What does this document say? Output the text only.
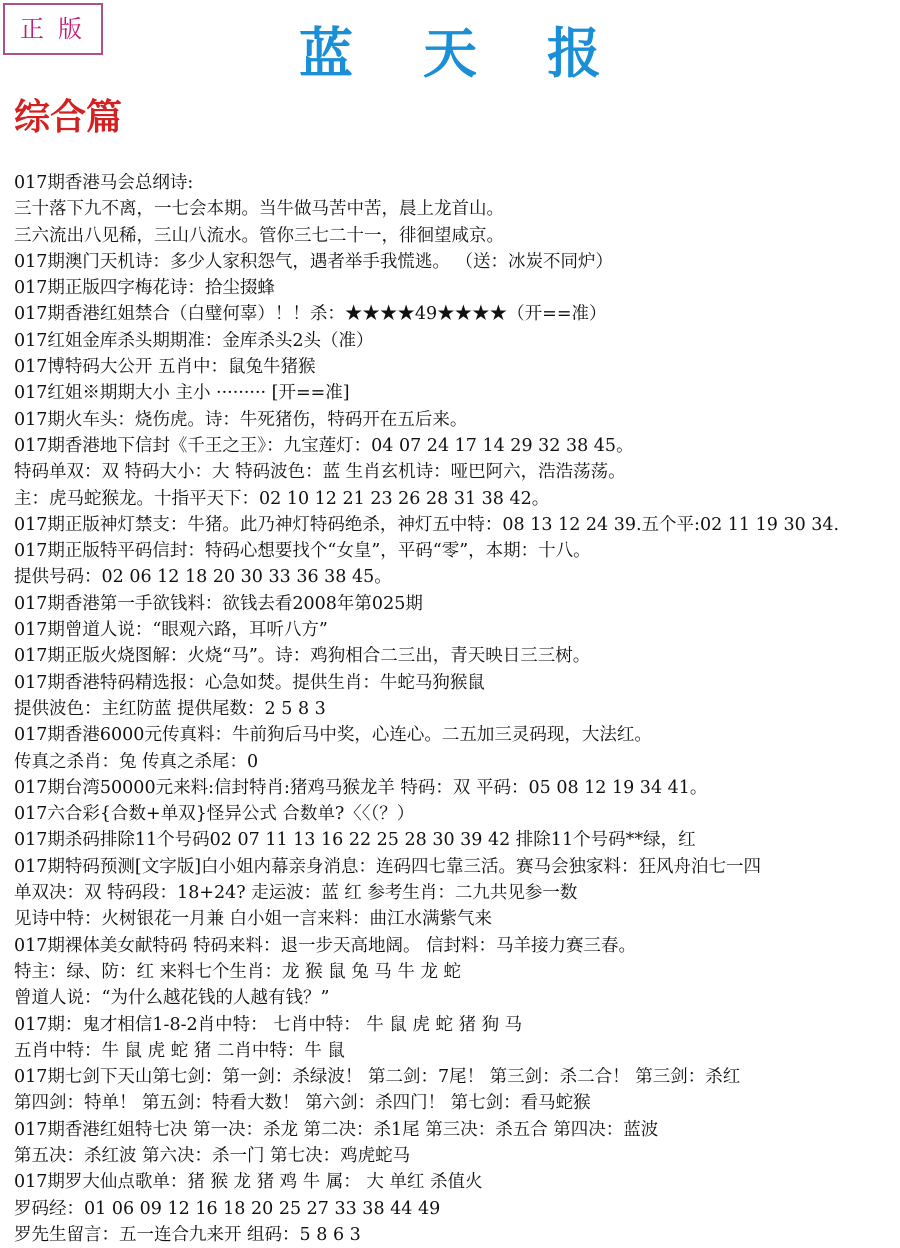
正版	蓝天报
综合篇
017期香港马会总纲诗:
三十落下九不离，一七会本期。当牛做马苦中苦，晨上龙首山。
三六流出八见稀，三山八流水。管你三七二十一，徘徊望咸京。
017期澳门天机诗：多少人家积怨气，遇者举手我慌逃。 （送：冰炭不同炉）
017期正版四字梅花诗：拾尘掇蜂
017期香港红姐禁合（白璧何辜）！！杀：★★★★49★★★★（开==准）
017红姐金库杀头期期准：金库杀头2头（准）
017博特码大公开 五肖中：鼠兔牛猪猴
017红姐※期期大小 主小 ········· [开==准]
017期火车头：烧伤虎。诗：牛死猪伤，特码开在五后来。
017期香港地下信封《千王之王》：九宝莲灯：04 07 24 17 14 29 32 38 45。
特码单双：双 特码大小：大 特码波色：蓝 生肖玄机诗：哑巴阿六，浩浩荡荡。
主：虎马蛇猴龙。十指平天下：02 10 12 21 23 26 28 31 38 42。
017期正版神灯禁支：牛猪。此乃神灯特码绝杀，神灯五中特：08 13 12 24 39.五个平:02 11 19 30 34.
017期正版特平码信封：特码心想要找个“女皇”，平码“零”，本期：十八。
提供号码：02 06 12 18 20 30 33 36 38 45。
017期香港第一手欲钱料：欲钱去看2008年第025期
017期曾道人说：“眼观六路，耳听八方”
017期正版火烧图解：火烧“马”。诗：鸡狗相合二三出，青天映日三三树。
017期香港特码精选报：心急如焚。提供生肖：牛蛇马狗猴鼠
提供波色：主红防蓝 提供尾数：2 5 8 3
017期香港6000元传真料：牛前狗后马中奖，心连心。二五加三灵码现，大法红。
传真之杀肖：兔 传真之杀尾：0
017期台湾50000元来料:信封特肖:猪鸡马猴龙羊 特码：双 平码：05 08 12 19 34 41。
017六合彩{合数+单双}怪异公式 合数单?〈〈（？）
017期杀码排除11个号码02 07 11 13 16 22 25 28 30 39 42 排除11个号码**绿，红
017期特码预测[文字版]白小姐内幕亲身消息：连码四七靠三活。赛马会独家料：狂风舟泊七一四
单双决：双 特码段：18+24? 走运波：蓝 红 参考生肖：二九共见参一数
见诗中特：火树银花一月兼 白小姐一言来料：曲江水满紫气来
017期裸体美女献特码 特码来料：退一步天高地阔。 信封料：马羊接力赛三春。
特主：绿、防：红 来料七个生肖：龙 猴 鼠 兔 马 牛 龙 蛇
曾道人说：“为什么越花钱的人越有钱？”
017期：鬼才相信1-8-2肖中特： 七肖中特： 牛 鼠 虎 蛇 猪 狗 马
五肖中特：牛 鼠 虎 蛇 猪 二肖中特：牛 鼠
017期七剑下天山第七剑：第一剑：杀绿波！ 第二剑：7尾！ 第三剑：杀二合！ 第三剑：杀红
第四剑：特单！ 第五剑：特看大数！ 第六剑：杀四门！ 第七剑：看马蛇猴
017期香港红姐特七决 第一决：杀龙 第二决：杀1尾 第三决：杀五合 第四决：蓝波
第五决：杀红波 第六决：杀一门 第七决：鸡虎蛇马
017期罗大仙点歌单：猪 猴 龙 猪 鸡 牛 属： 大 单红 杀值火
罗码经：01 06 09 12 16 18 20 25 27 33 38 44 49
罗先生留言：五一连合九来开 组码：5 8 6 3
